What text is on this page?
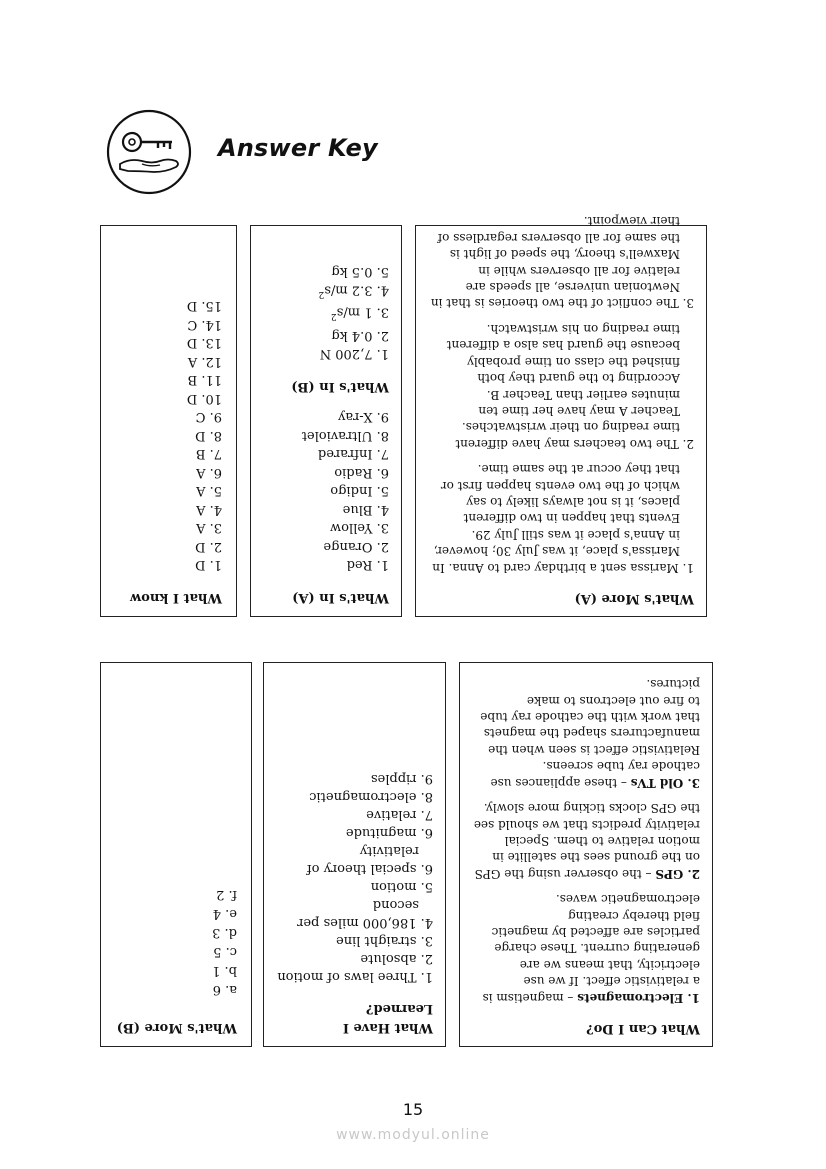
Answer Key
What I know
1. D
2. D
3. A
4. A
5. A
6. A
7. B
8. D
9. C
10. D
11. B
12. A
13. D
14. C
15. D
What's In (A)
1. Red
2. Orange
3. Yellow
4. Blue
5. Indigo
6. Radio
7. Infrared
8. Ultraviolet
9. X-ray
What's In (B)
1. 7,200 N
2. 0.4 kg
3. 1 $m/s^2$
4. 3.2 $m/s^2$
5. 0.5 kg
What's More (A)

1. Marissa sent a birthday card to Anna. In Marissa's place, it was July 30; however, in Anna's place it was still July 29. Events that happen in two different places, it is not always likely to say which of the two events happen first or that they occur at the same time.

2. The two teachers may have different time reading on their wristwatches. Teacher A may have her time ten minutes earlier than Teacher B. According to the guard they both finished the class on time probably because the guard has also a different time reading on his wristwatch.

3. The conflict of the two theories is that in Newtonian universe, all speeds are relative for all observers while in Maxwell's theory, the speed of light is the same for all observers regardless of their viewpoint.

What's More (B)
a. 6
b. 1
c. 5
d. 3
e. 4
f. 2
What Have I Learned?
1. Three laws of motion
2. absolute
3. straight line
4. 186,000 miles per second
5. motion
6. special theory of relativity
6. magnitude
7. relative
8. electromagnetic
9. ripples
What Can I Do?

1. Electromagnets – magnetism is a relativistic effect. If we use electricity, that means we are generating current. These charge particles are affected by magnetic field thereby creating electromagnetic waves.

2. GPS – the observer using the GPS on the ground sees the satellite in motion relative to them. Special relativity predicts that we should see the GPS clocks ticking more slowly.

3. Old TVs – these appliances use cathode ray tube screens. Relativistic effect is seen when the manufacturers shaped the magnets that work with the cathode ray tube to fire out electrons to make pictures.

15
www.modyul.online
